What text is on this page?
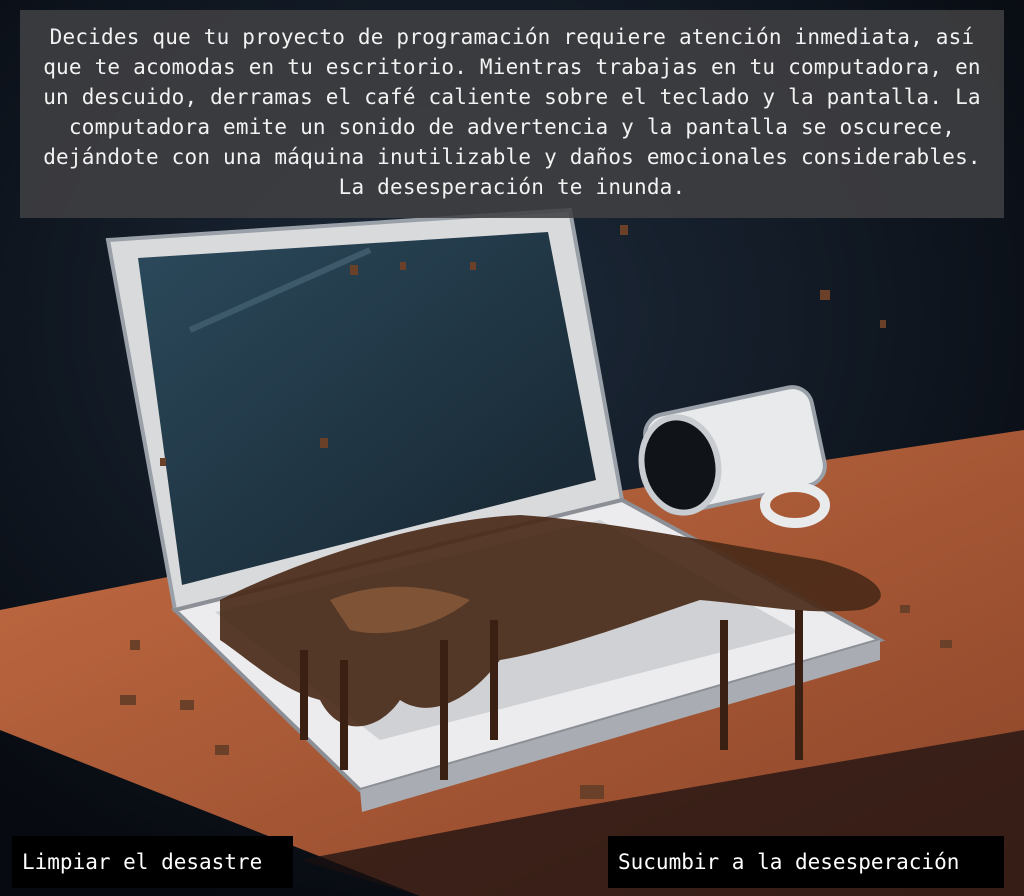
Decides que tu proyecto de programación requiere atención inmediata, así que te acomodas en tu escritorio. Mientras trabajas en tu computadora, en un descuido, derramas el café caliente sobre el teclado y la pantalla. La computadora emite un sonido de advertencia y la pantalla se oscurece, dejándote con una máquina inutilizable y daños emocionales considerables. La desesperación te inunda.
Limpiar el desastre	Sucumbir a la desesperación
